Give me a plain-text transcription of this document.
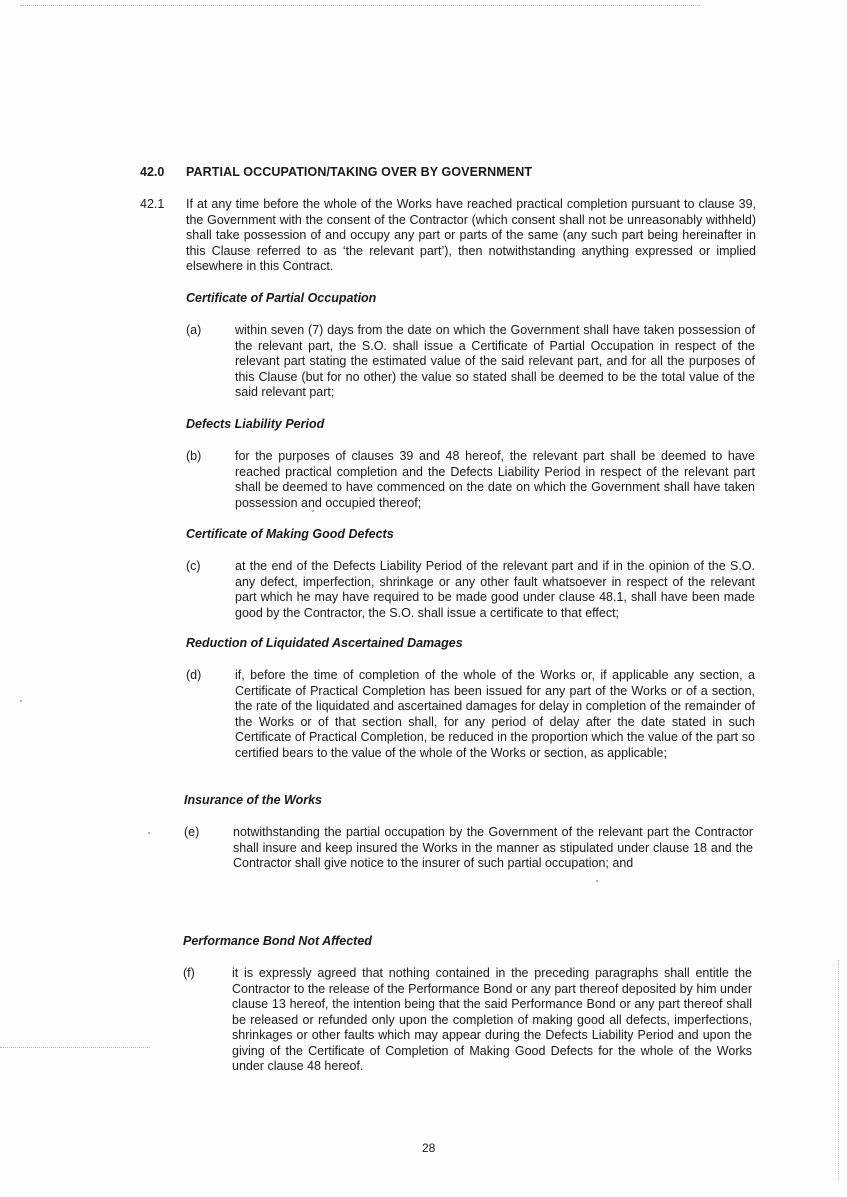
42.0 PARTIAL OCCUPATION/TAKING OVER BY GOVERNMENT
42.1 If at any time before the whole of the Works have reached practical completion pursuant to clause 39, the Government with the consent of the Contractor (which consent shall not be unreasonably withheld) shall take possession of and occupy any part or parts of the same (any such part being hereinafter in this Clause referred to as ‘the relevant part’), then notwithstanding anything expressed or implied elsewhere in this Contract.
Certificate of Partial Occupation
(a)	within seven (7) days from the date on which the Government shall have taken possession of the relevant part, the S.O. shall issue a Certificate of Partial Occupation in respect of the relevant part stating the estimated value of the said relevant part, and for all the purposes of this Clause (but for no other) the value so stated shall be deemed to be the total value of the said relevant part;
Defects Liability Period
(b)	for the purposes of clauses 39 and 48 hereof, the relevant part shall be deemed to have reached practical completion and the Defects Liability Period in respect of the relevant part shall be deemed to have commenced on the date on which the Government shall have taken possession and occupied thereof;
Certificate of Making Good Defects
(c)	at the end of the Defects Liability Period of the relevant part and if in the opinion of the S.O. any defect, imperfection, shrinkage or any other fault whatsoever in respect of the relevant part which he may have required to be made good under clause 48.1, shall have been made good by the Contractor, the S.O. shall issue a certificate to that effect;
Reduction of Liquidated Ascertained Damages
(d)	if, before the time of completion of the whole of the Works or, if applicable any section, a Certificate of Practical Completion has been issued for any part of the Works or of a section, the rate of the liquidated and ascertained damages for delay in completion of the remainder of the Works or of that section shall, for any period of delay after the date stated in such Certificate of Practical Completion, be reduced in the proportion which the value of the part so certified bears to the value of the whole of the Works or section, as applicable;
Insurance of the Works
(e)	notwithstanding the partial occupation by the Government of the relevant part the Contractor shall insure and keep insured the Works in the manner as stipulated under clause 18 and the Contractor shall give notice to the insurer of such partial occupation; and
Performance Bond Not Affected
(f)	it is expressly agreed that nothing contained in the preceding paragraphs shall entitle the Contractor to the release of the Performance Bond or any part thereof deposited by him under clause 13 hereof, the intention being that the said Performance Bond or any part thereof shall be released or refunded only upon the completion of making good all defects, imperfections, shrinkages or other faults which may appear during the Defects Liability Period and upon the giving of the Certificate of Completion of Making Good Defects for the whole of the Works under clause 48 hereof.
28
